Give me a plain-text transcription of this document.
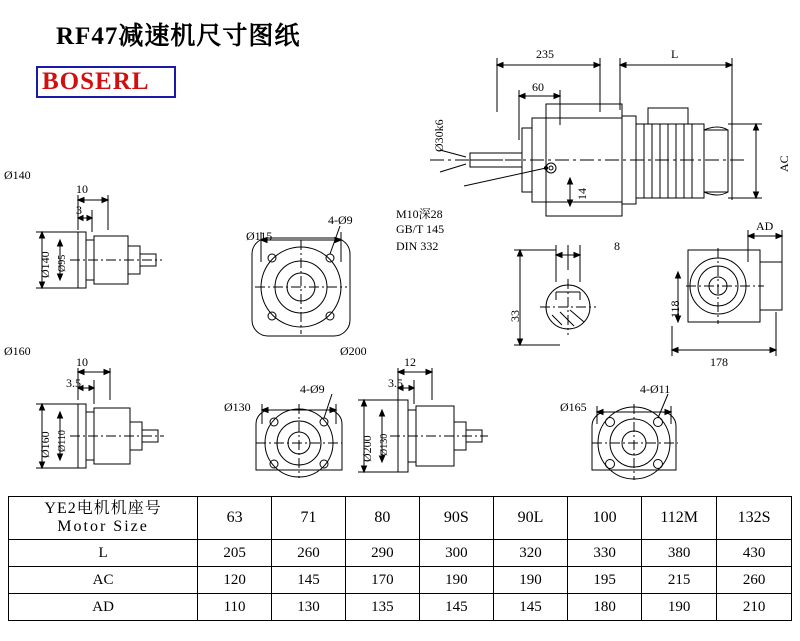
RF47减速机尺寸图纸
BOSERL
235	L
60
Ø30k6
14
M10深28
GB/T 145
DIN 332
AC
AD
8
33	118
178
Ø140
10
3
Ø140 Ø95
4-Ø9
Ø115
Ø160
10
3.5
Ø160 Ø110
4-Ø9
Ø130
Ø200
12
3.5
Ø200 Ø130
4-Ø11
Ø165
YE2电机机座号
Motor Size	63	71	80	90S	90L	100	112M	132S
L	205	260	290	300	320	330	380	430
AC	120	145	170	190	190	195	215	260
AD	110	130	135	145	145	180	190	210
